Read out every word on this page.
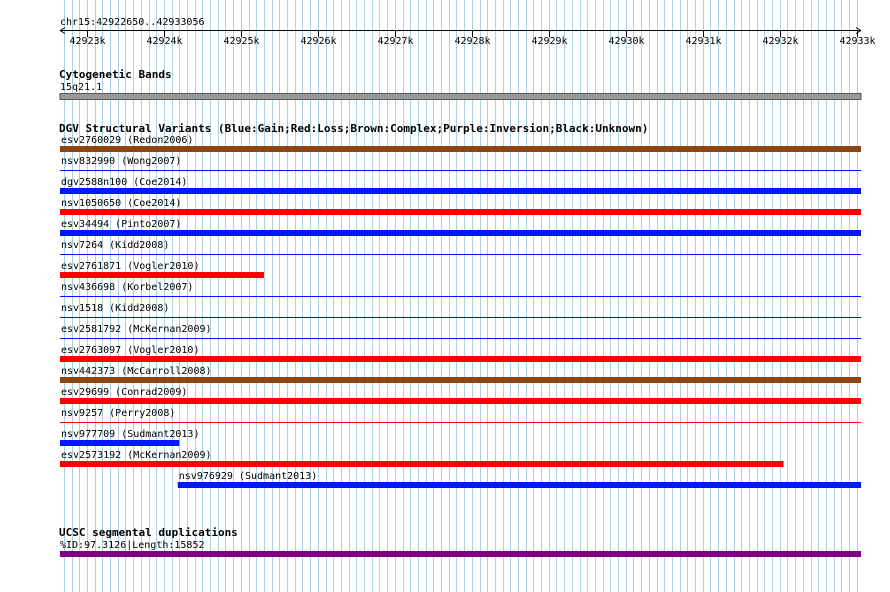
chr15:42922650..42933056
42923k	42924k	42925k	42926k	42927k	42928k	42929k	42930k	42931k	42932k	42933k
Cytogenetic Bands
15q21.1
DGV Structural Variants (Blue:Gain;Red:Loss;Brown:Complex;Purple:Inversion;Black:Unknown)
esv2760029 (Redon2006)
nsv832990 (Wong2007)
dgv2588n100 (Coe2014)
nsv1050650 (Coe2014)
esv34494 (Pinto2007)
nsv7264 (Kidd2008)
esv2761871 (Vogler2010)
nsv436698 (Korbel2007)
nsv1518 (Kidd2008)
esv2581792 (McKernan2009)
esv2763097 (Vogler2010)
nsv442373 (McCarroll2008)
esv29699 (Conrad2009)
nsv9257 (Perry2008)
nsv977709 (Sudmant2013)
esv2573192 (McKernan2009)
nsv976929 (Sudmant2013)
UCSC segmental duplications
%ID:97.3126|Length:15852
